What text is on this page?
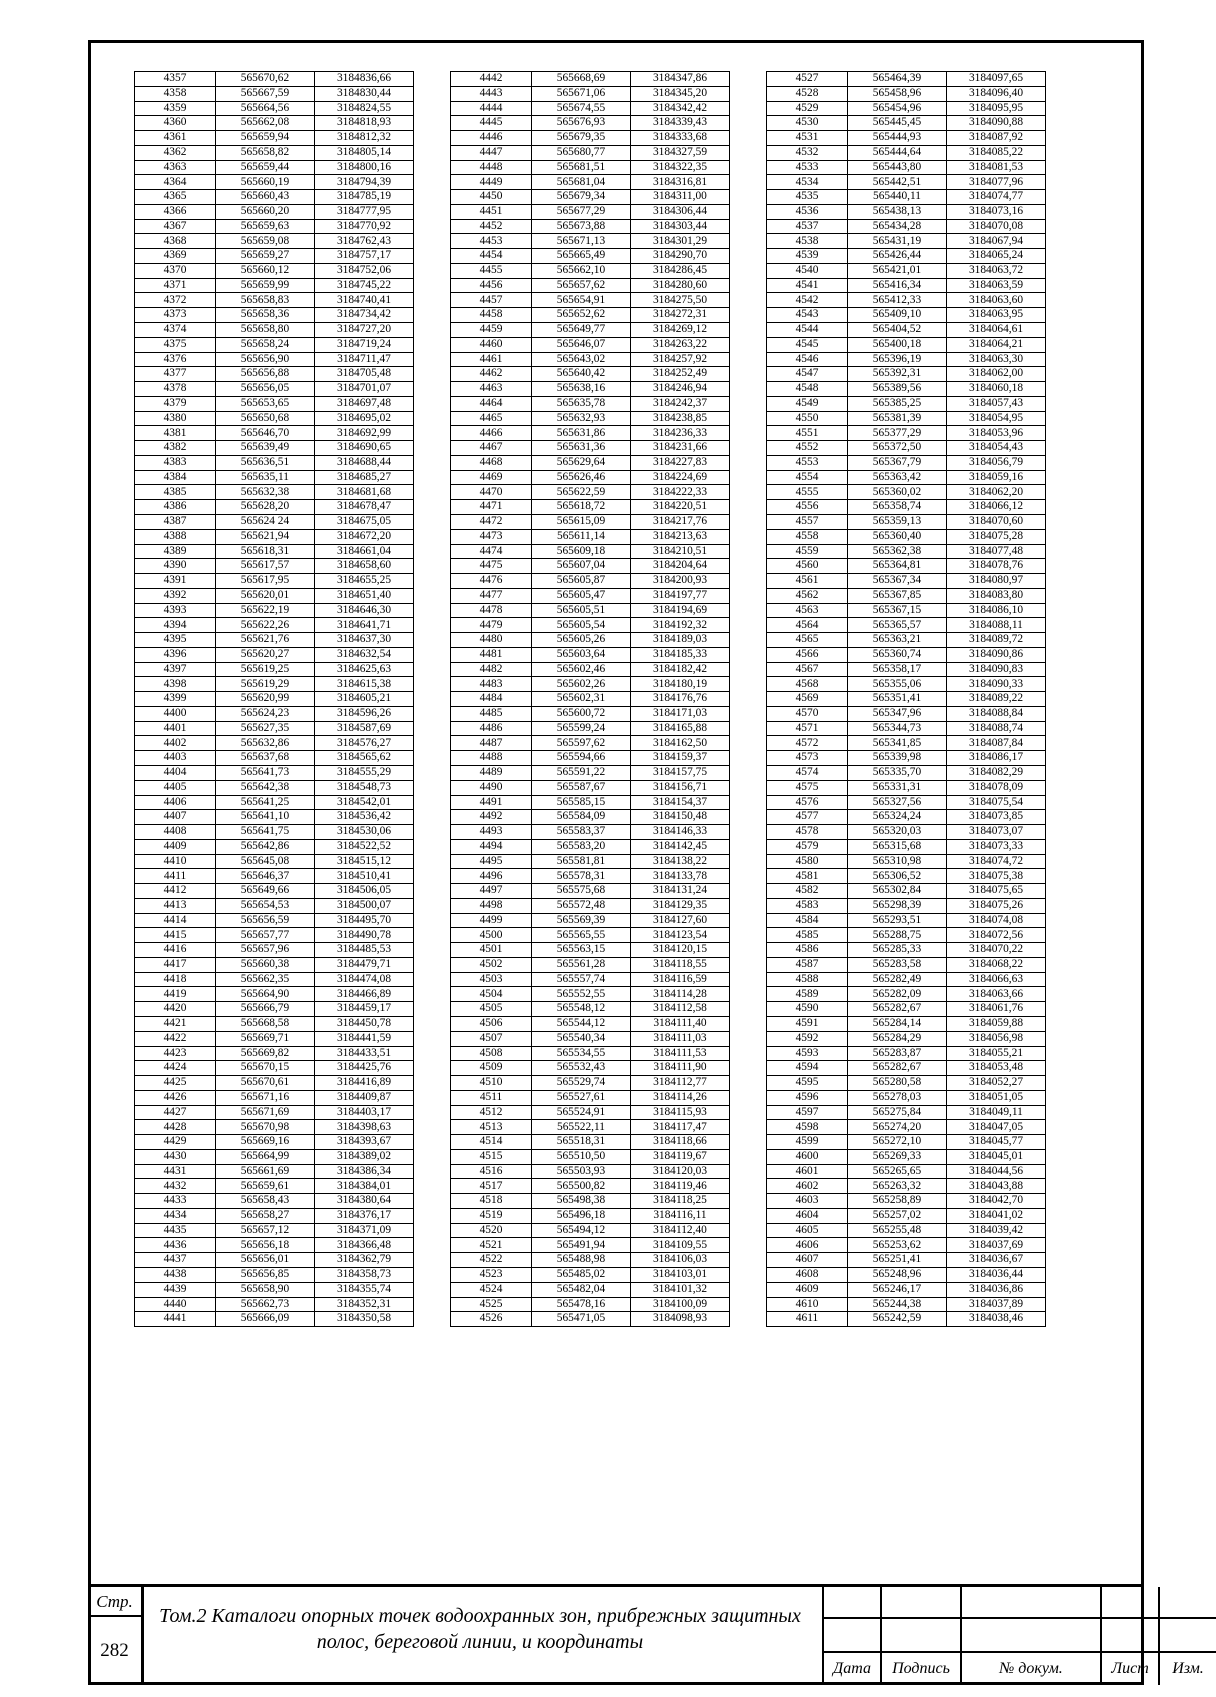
4357	565670,62	3184836,66
4358	565667,59	3184830,44
4359	565664,56	3184824,55
4360	565662,08	3184818,93
4361	565659,94	3184812,32
4362	565658,82	3184805,14
4363	565659,44	3184800,16
4364	565660,19	3184794,39
4365	565660,43	3184785,19
4366	565660,20	3184777,95
4367	565659,63	3184770,92
4368	565659,08	3184762,43
4369	565659,27	3184757,17
4370	565660,12	3184752,06
4371	565659,99	3184745,22
4372	565658,83	3184740,41
4373	565658,36	3184734,42
4374	565658,80	3184727,20
4375	565658,24	3184719,24
4376	565656,90	3184711,47
4377	565656,88	3184705,48
4378	565656,05	3184701,07
4379	565653,65	3184697,48
4380	565650,68	3184695,02
4381	565646,70	3184692,99
4382	565639,49	3184690,65
4383	565636,51	3184688,44
4384	565635,11	3184685,27
4385	565632,38	3184681,68
4386	565628,20	3184678,47
4387	565624 24	3184675,05
4388	565621,94	3184672,20
4389	565618,31	3184661,04
4390	565617,57	3184658,60
4391	565617,95	3184655,25
4392	565620,01	3184651,40
4393	565622,19	3184646,30
4394	565622,26	3184641,71
4395	565621,76	3184637,30
4396	565620,27	3184632,54
4397	565619,25	3184625,63
4398	565619,29	3184615,38
4399	565620,99	3184605,21
4400	565624,23	3184596,26
4401	565627,35	3184587,69
4402	565632,86	3184576,27
4403	565637,68	3184565,62
4404	565641,73	3184555,29
4405	565642,38	3184548,73
4406	565641,25	3184542,01
4407	565641,10	3184536,42
4408	565641,75	3184530,06
4409	565642,86	3184522,52
4410	565645,08	3184515,12
4411	565646,37	3184510,41
4412	565649,66	3184506,05
4413	565654,53	3184500,07
4414	565656,59	3184495,70
4415	565657,77	3184490,78
4416	565657,96	3184485,53
4417	565660,38	3184479,71
4418	565662,35	3184474,08
4419	565664,90	3184466,89
4420	565666,79	3184459,17
4421	565668,58	3184450,78
4422	565669,71	3184441,59
4423	565669,82	3184433,51
4424	565670,15	3184425,76
4425	565670,61	3184416,89
4426	565671,16	3184409,87
4427	565671,69	3184403,17
4428	565670,98	3184398,63
4429	565669,16	3184393,67
4430	565664,99	3184389,02
4431	565661,69	3184386,34
4432	565659,61	3184384,01
4433	565658,43	3184380,64
4434	565658,27	3184376,17
4435	565657,12	3184371,09
4436	565656,18	3184366,48
4437	565656,01	3184362,79
4438	565656,85	3184358,73
4439	565658,90	3184355,74
4440	565662,73	3184352,31
4441	565666,09	3184350,58
4442	565668,69	3184347,86
4443	565671,06	3184345,20
4444	565674,55	3184342,42
4445	565676,93	3184339,43
4446	565679,35	3184333,68
4447	565680,77	3184327,59
4448	565681,51	3184322,35
4449	565681,04	3184316,81
4450	565679,34	3184311,00
4451	565677,29	3184306,44
4452	565673,88	3184303,44
4453	565671,13	3184301,29
4454	565665,49	3184290,70
4455	565662,10	3184286,45
4456	565657,62	3184280,60
4457	565654,91	3184275,50
4458	565652,62	3184272,31
4459	565649,77	3184269,12
4460	565646,07	3184263,22
4461	565643,02	3184257,92
4462	565640,42	3184252,49
4463	565638,16	3184246,94
4464	565635,78	3184242,37
4465	565632,93	3184238,85
4466	565631,86	3184236,33
4467	565631,36	3184231,66
4468	565629,64	3184227,83
4469	565626,46	3184224,69
4470	565622,59	3184222,33
4471	565618,72	3184220,51
4472	565615,09	3184217,76
4473	565611,14	3184213,63
4474	565609,18	3184210,51
4475	565607,04	3184204,64
4476	565605,87	3184200,93
4477	565605,47	3184197,77
4478	565605,51	3184194,69
4479	565605,54	3184192,32
4480	565605,26	3184189,03
4481	565603,64	3184185,33
4482	565602,46	3184182,42
4483	565602,26	3184180,19
4484	565602,31	3184176,76
4485	565600,72	3184171,03
4486	565599,24	3184165,88
4487	565597,62	3184162,50
4488	565594,66	3184159,37
4489	565591,22	3184157,75
4490	565587,67	3184156,71
4491	565585,15	3184154,37
4492	565584,09	3184150,48
4493	565583,37	3184146,33
4494	565583,20	3184142,45
4495	565581,81	3184138,22
4496	565578,31	3184133,78
4497	565575,68	3184131,24
4498	565572,48	3184129,35
4499	565569,39	3184127,60
4500	565565,55	3184123,54
4501	565563,15	3184120,15
4502	565561,28	3184118,55
4503	565557,74	3184116,59
4504	565552,55	3184114,28
4505	565548,12	3184112,58
4506	565544,12	3184111,40
4507	565540,34	3184111,03
4508	565534,55	3184111,53
4509	565532,43	3184111,90
4510	565529,74	3184112,77
4511	565527,61	3184114,26
4512	565524,91	3184115,93
4513	565522,11	3184117,47
4514	565518,31	3184118,66
4515	565510,50	3184119,67
4516	565503,93	3184120,03
4517	565500,82	3184119,46
4518	565498,38	3184118,25
4519	565496,18	3184116,11
4520	565494,12	3184112,40
4521	565491,94	3184109,55
4522	565488,98	3184106,03
4523	565485,02	3184103,01
4524	565482,04	3184101,32
4525	565478,16	3184100,09
4526	565471,05	3184098,93
4527	565464,39	3184097,65
4528	565458,96	3184096,40
4529	565454,96	3184095,95
4530	565445,45	3184090,88
4531	565444,93	3184087,92
4532	565444,64	3184085,22
4533	565443,80	3184081,53
4534	565442,51	3184077,96
4535	565440,11	3184074,77
4536	565438,13	3184073,16
4537	565434,28	3184070,08
4538	565431,19	3184067,94
4539	565426,44	3184065,24
4540	565421,01	3184063,72
4541	565416,34	3184063,59
4542	565412,33	3184063,60
4543	565409,10	3184063,95
4544	565404,52	3184064,61
4545	565400,18	3184064,21
4546	565396,19	3184063,30
4547	565392,31	3184062,00
4548	565389,56	3184060,18
4549	565385,25	3184057,43
4550	565381,39	3184054,95
4551	565377,29	3184053,96
4552	565372,50	3184054,43
4553	565367,79	3184056,79
4554	565363,42	3184059,16
4555	565360,02	3184062,20
4556	565358,74	3184066,12
4557	565359,13	3184070,60
4558	565360,40	3184075,28
4559	565362,38	3184077,48
4560	565364,81	3184078,76
4561	565367,34	3184080,97
4562	565367,85	3184083,80
4563	565367,15	3184086,10
4564	565365,57	3184088,11
4565	565363,21	3184089,72
4566	565360,74	3184090,86
4567	565358,17	3184090,83
4568	565355,06	3184090,33
4569	565351,41	3184089,22
4570	565347,96	3184088,84
4571	565344,73	3184088,74
4572	565341,85	3184087,84
4573	565339,98	3184086,17
4574	565335,70	3184082,29
4575	565331,31	3184078,09
4576	565327,56	3184075,54
4577	565324,24	3184073,85
4578	565320,03	3184073,07
4579	565315,68	3184073,33
4580	565310,98	3184074,72
4581	565306,52	3184075,38
4582	565302,84	3184075,65
4583	565298,39	3184075,26
4584	565293,51	3184074,08
4585	565288,75	3184072,56
4586	565285,33	3184070,22
4587	565283,58	3184068,22
4588	565282,49	3184066,63
4589	565282,09	3184063,66
4590	565282,67	3184061,76
4591	565284,14	3184059,88
4592	565284,29	3184056,98
4593	565283,87	3184055,21
4594	565282,67	3184053,48
4595	565280,58	3184052,27
4596	565278,03	3184051,05
4597	565275,84	3184049,11
4598	565274,20	3184047,05
4599	565272,10	3184045,77
4600	565269,33	3184045,01
4601	565265,65	3184044,56
4602	565263,32	3184043,88
4603	565258,89	3184042,70
4604	565257,02	3184041,02
4605	565255,48	3184039,42
4606	565253,62	3184037,69
4607	565251,41	3184036,67
4608	565248,96	3184036,44
4609	565246,17	3184036,86
4610	565244,38	3184037,89
4611	565242,59	3184038,46
Стр.
282
Том.2 Каталоги опорных точек водоохранных зон, прибрежных защитных полос, береговой линии, и координаты
Дата	Подпись	№ докум.	Лист	Изм.
